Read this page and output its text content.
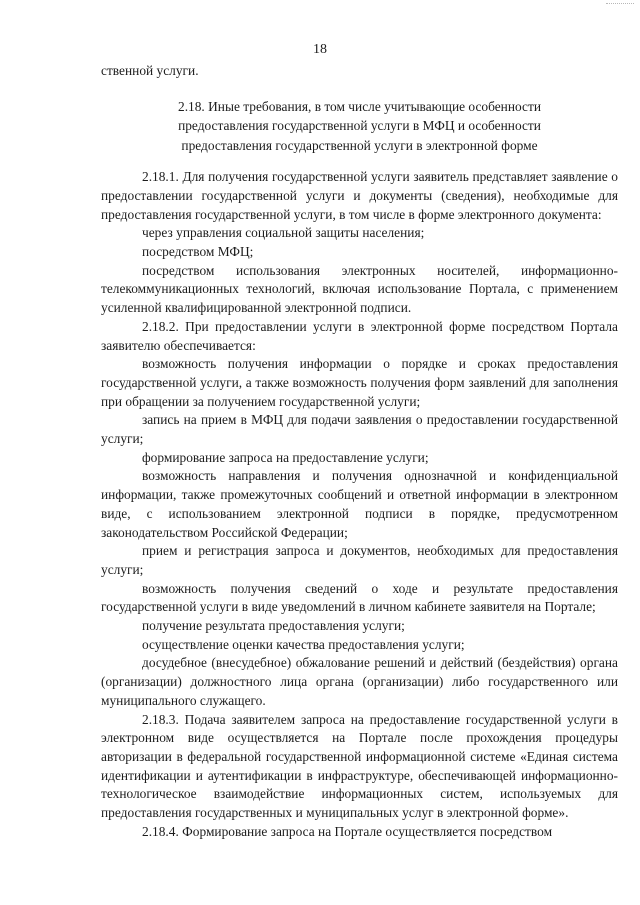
18

ственной услуги.

2.18. Иные требования, в том числе учитывающие особенности
предоставления государственной услуги в МФЦ и особенности
предоставления государственной услуги в электронной форме

2.18.1. Для получения государственной услуги заявитель представляет заявление о предоставлении государственной услуги и документы (сведения), необходимые для предоставления государственной услуги, в том числе в форме электронного документа:

через управления социальной защиты населения;

посредством МФЦ;

посредством использования электронных носителей, информационно-телекоммуникационных технологий, включая использование Портала, с применением усиленной квалифицированной электронной подписи.

2.18.2. При предоставлении услуги в электронной форме посредством Портала заявителю обеспечивается:

возможность получения информации о порядке и сроках предоставления государственной услуги, а также возможность получения форм заявлений для заполнения при обращении за получением государственной услуги;

запись на прием в МФЦ для подачи заявления о предоставлении государственной услуги;

формирование запроса на предоставление услуги;

возможность направления и получения однозначной и конфиденциальной информации, также промежуточных сообщений и ответной информации в электронном виде, с использованием электронной подписи в порядке, предусмотренном законодательством Российской Федерации;

прием и регистрация запроса и документов, необходимых для предоставления услуги;

возможность получения сведений о ходе и результате предоставления государственной услуги в виде уведомлений в личном кабинете заявителя на Портале;

получение результата предоставления услуги;

осуществление оценки качества предоставления услуги;

досудебное (внесудебное) обжалование решений и действий (бездействия) органа (организации) должностного лица органа (организации) либо государственного или муниципального служащего.

2.18.3. Подача заявителем запроса на предоставление государственной услуги в электронном виде осуществляется на Портале после прохождения процедуры авторизации в федеральной государственной информационной системе «Единая система идентификации и аутентификации в инфраструктуре, обеспечивающей информационно-технологическое взаимодействие информационных систем, используемых для предоставления государственных и муниципальных услуг в электронной форме».

2.18.4. Формирование запроса на Портале осуществляется посредством
